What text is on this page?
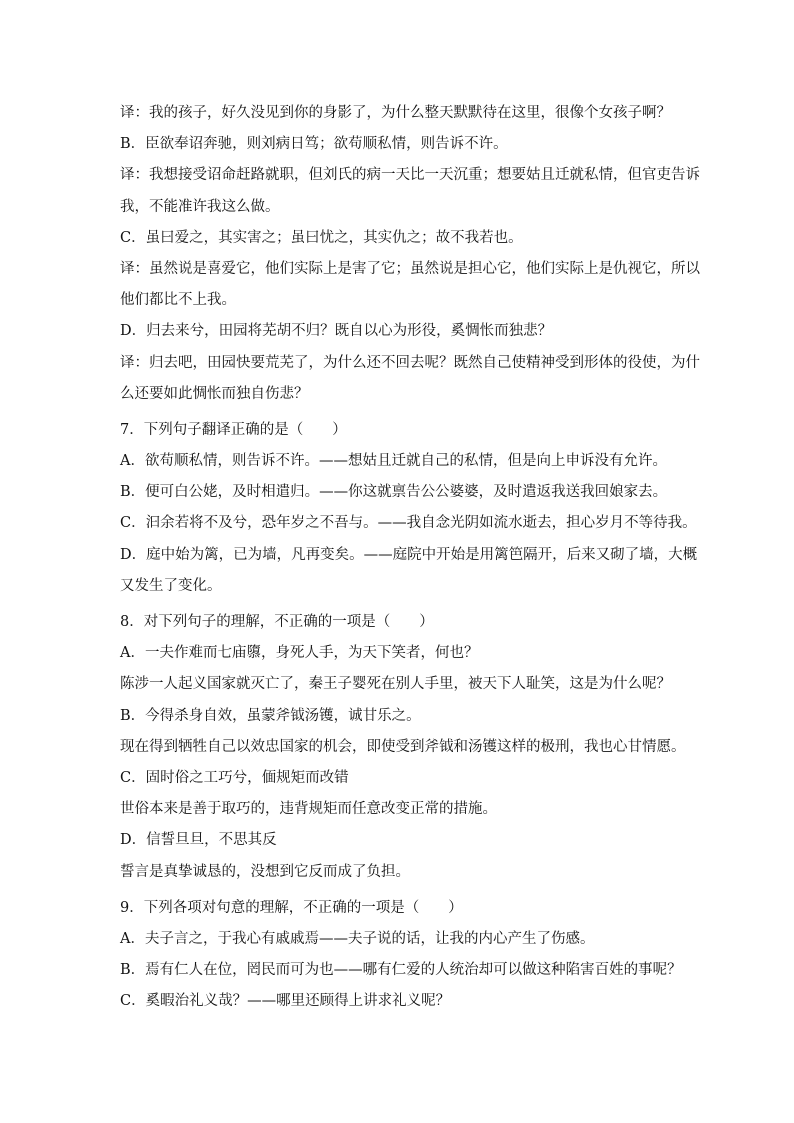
译：我的孩子，好久没见到你的身影了，为什么整天默默待在这里，很像个女孩子啊？
B．臣欲奉诏奔驰，则刘病日笃；欲苟顺私情，则告诉不许。
译：我想接受诏命赶路就职，但刘氏的病一天比一天沉重；想要姑且迁就私情，但官吏告诉
我，不能准许我这么做。
C．虽曰爱之，其实害之；虽曰忧之，其实仇之；故不我若也。
译：虽然说是喜爱它，他们实际上是害了它；虽然说是担心它，他们实际上是仇视它，所以
他们都比不上我。
D．归去来兮，田园将芜胡不归？既自以心为形役，奚惆怅而独悲？
译：归去吧，田园快要荒芜了，为什么还不回去呢？既然自己使精神受到形体的役使，为什
么还要如此惆怅而独自伤悲？
7．下列句子翻译正确的是（　　）
A．欲苟顺私情，则告诉不许。——想姑且迁就自己的私情，但是向上申诉没有允许。
B．便可白公姥，及时相遣归。——你这就禀告公公婆婆，及时遣返我送我回娘家去。
C．汩余若将不及兮，恐年岁之不吾与。——我自念光阴如流水逝去，担心岁月不等待我。
D．庭中始为篱，已为墙，凡再变矣。——庭院中开始是用篱笆隔开，后来又砌了墙，大概
又发生了变化。
8．对下列句子的理解，不正确的一项是（　　）
A．一夫作难而七庙隳，身死人手，为天下笑者，何也？
陈涉一人起义国家就灭亡了，秦王子婴死在别人手里，被天下人耻笑，这是为什么呢？
B．今得杀身自效，虽蒙斧钺汤镬，诚甘乐之。
现在得到牺牲自己以效忠国家的机会，即使受到斧钺和汤镬这样的极刑，我也心甘情愿。
C．固时俗之工巧兮，偭规矩而改错
世俗本来是善于取巧的，违背规矩而任意改变正常的措施。
D．信誓旦旦，不思其反
誓言是真挚诚恳的，没想到它反而成了负担。
9．下列各项对句意的理解，不正确的一项是（　　）
A．夫子言之，于我心有戚戚焉——夫子说的话，让我的内心产生了伤感。
B．焉有仁人在位，罔民而可为也——哪有仁爱的人统治却可以做这种陷害百姓的事呢？
C．奚暇治礼义哉？——哪里还顾得上讲求礼义呢？
